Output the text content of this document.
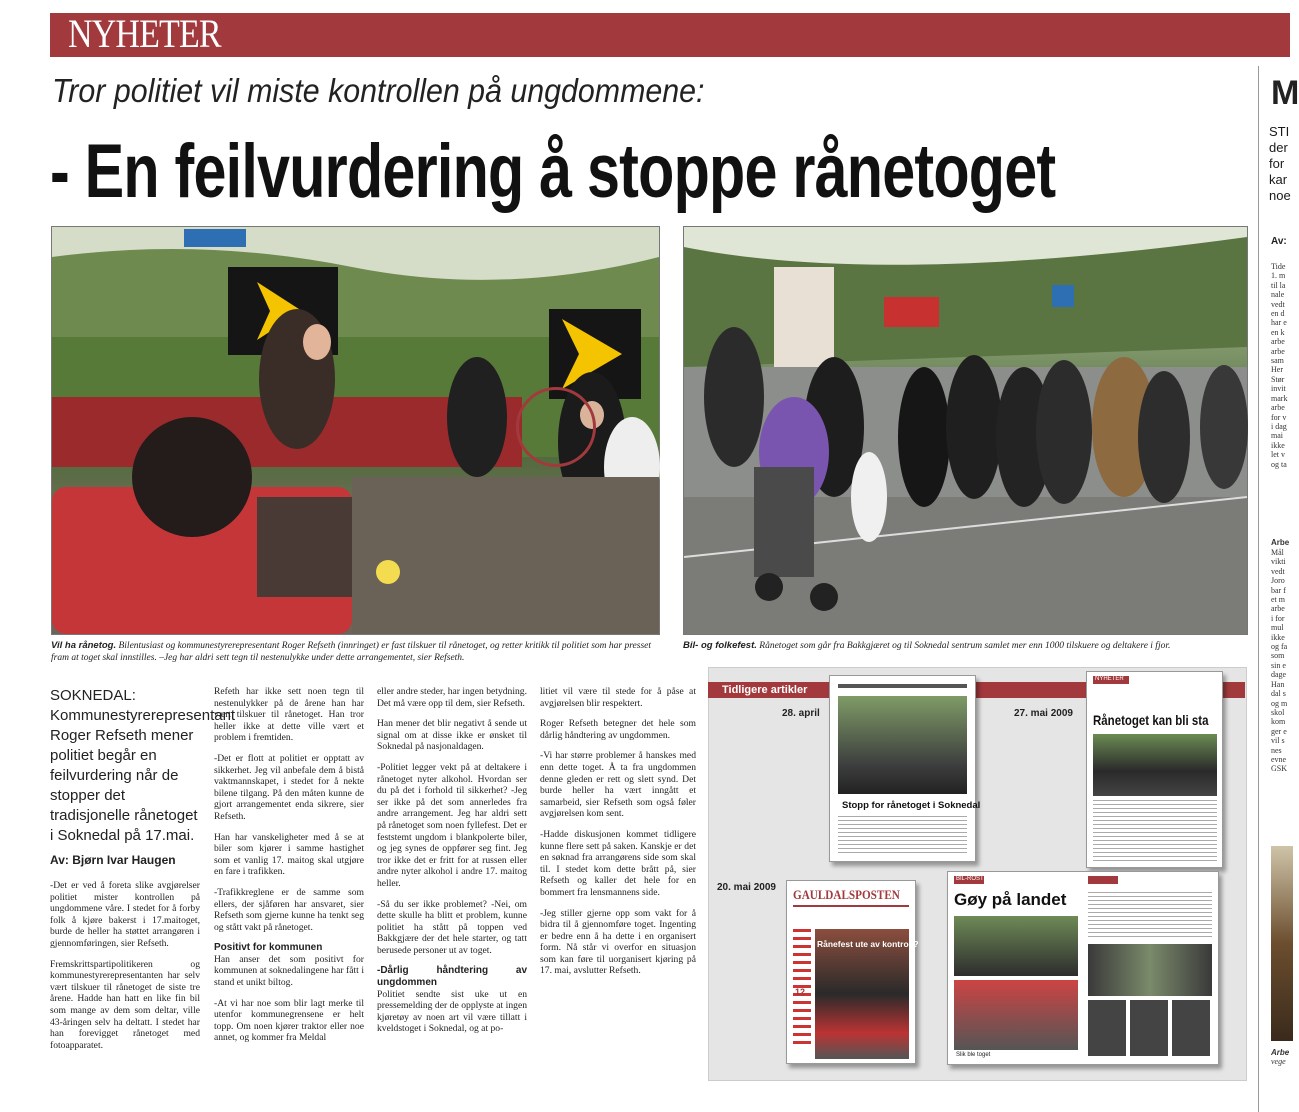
NYHETER
Tror politiet vil miste kontrollen på ungdommene:
- En feilvurdering å stoppe rånetoget
Vil ha rånetog. Bilentusiast og kommunestyrerepresentant Roger Refseth (innringet) er fast tilskuer til rånetoget, og retter kritikk til politiet som har presset fram at toget skal innstilles. –Jeg har aldri sett tegn til nestenulykke under dette arrangementet, sier Refseth.
Bil- og folkefest. Rånetoget som går fra Bakkgjæret og til Soknedal sentrum samlet mer enn 1000 tilskuere og deltakere i fjor.
SOKNEDAL: Kommunestyrerepresentant Roger Refseth mener politiet begår en feilvurdering når de stopper det tradisjonelle rånetoget i Soknedal på 17.mai.
Av: Bjørn Ivar Haugen

-Det er ved å foreta slike avgjørelser politiet mister kontrollen på ungdommene våre. I stedet for å forby folk å kjøre bakerst i 17.maitoget, burde de heller ha støttet arrangøren i gjennomføringen, sier Refseth.

Fremskrittspartipolitikeren og kommunestyrerepresentanten har selv vært tilskuer til rånetoget de siste tre årene. Hadde han hatt en like fin bil som mange av dem som deltar, ville 43-åringen selv ha deltatt. I stedet har han forevigget rånetoget med fotoapparatet.

Refeth har ikke sett noen tegn til nestenulykker på de årene han har vært tilskuer til rånetoget. Han tror heller ikke at dette ville vært et problem i fremtiden.

-Det er flott at politiet er opptatt av sikkerhet. Jeg vil anbefale dem å bistå vaktmannskapet, i stedet for å nekte bilene tilgang. På den måten kunne de gjort arrangementet enda sikrere, sier Refseth.

Han har vanskeligheter med å se at biler som kjører i samme hastighet som et vanlig 17. maitog skal utgjøre en fare i trafikken.

-Trafikkreglene er de samme som ellers, der sjåføren har ansvaret, sier Refseth som gjerne kunne ha tenkt seg og stått vakt på rånetoget.

Positivt for kommunen

Han anser det som positivt for kommunen at soknedalingene har fått i stand et unikt biltog.

-At vi har noe som blir lagt merke til utenfor kommunegrensene er helt topp. Om noen kjører traktor eller noe annet, og kommer fra Meldal

eller andre steder, har ingen betydning. Det må være opp til dem, sier Refseth.

Han mener det blir negativt å sende ut signal om at disse ikke er ønsket til Soknedal på nasjonaldagen.

-Politiet legger vekt på at deltakere i rånetoget nyter alkohol. Hvordan ser du på det i forhold til sikkerhet? -Jeg ser ikke på det som annerledes fra andre arrangement. Jeg har aldri sett på rånetoget som noen fyllefest. Det er feststemt ungdom i blankpolerte biler, og jeg synes de oppfører seg fint. Jeg tror ikke det er fritt for at russen eller andre nyter alkohol i andre 17. maitog heller.

-Så du ser ikke problemet? -Nei, om dette skulle ha blitt et problem, kunne politiet ha stått på toppen ved Bakkgjære der det hele starter, og tatt berusede personer ut av toget.

-Dårlig håndtering av ungdommen

Politiet sendte sist uke ut en pressemelding der de opplyste at ingen kjøretøy av noen art vil være tillatt i kveldstoget i Soknedal, og at po-

litiet vil være til stede for å påse at avgjørelsen blir respektert.

Roger Refseth betegner det hele som dårlig håndtering av ungdommen.

-Vi har større problemer å hanskes med enn dette toget. Å ta fra ungdommen denne gleden er rett og slett synd. Det burde heller ha vært inngått et samarbeid, sier Refseth som også føler avgjørelsen kom sent.

-Hadde diskusjonen kommet tidligere kunne flere sett på saken. Kanskje er det en søknad fra arrangørens side som skal til. I stedet kom dette brått på, sier Refseth og kaller det hele for en bommert fra lensmannens side.

-Jeg stiller gjerne opp som vakt for å bidra til å gjennomføre toget. Ingenting er bedre enn å ha dette i en organisert form. Nå står vi overfor en situasjon som kan føre til uorganisert kjøring på 17. mai, avslutter Refseth.

Tidligere artikler
28. april	27. mai 2009
20. mai 2009
Stopp for rånetoget i Soknedal
NYHETER
Rånetoget kan bli sta
GAULDALSPOSTEN
Rånefest ute av kontroll?
12
BIL-ROST
Gøy på landet
Slik ble toget
M
STI
der
for
kar
noe
Av:
Tide
1. m
til la
nale
vedt
en d
har e
en k
arbe
arbe
sam
Her
Stør
invit
mark
arbe
for v
i dag
mai
ikke
let v
og ta
Arbe
Mål
vikti
vedt
Joro
bar f
et m
arbe
i for
mul
ikke
og fa
som
sin e
dage
Han
dal s
og m
skol
kom
ger e
vil s
nes
evne
GSK
Arbe
vege
